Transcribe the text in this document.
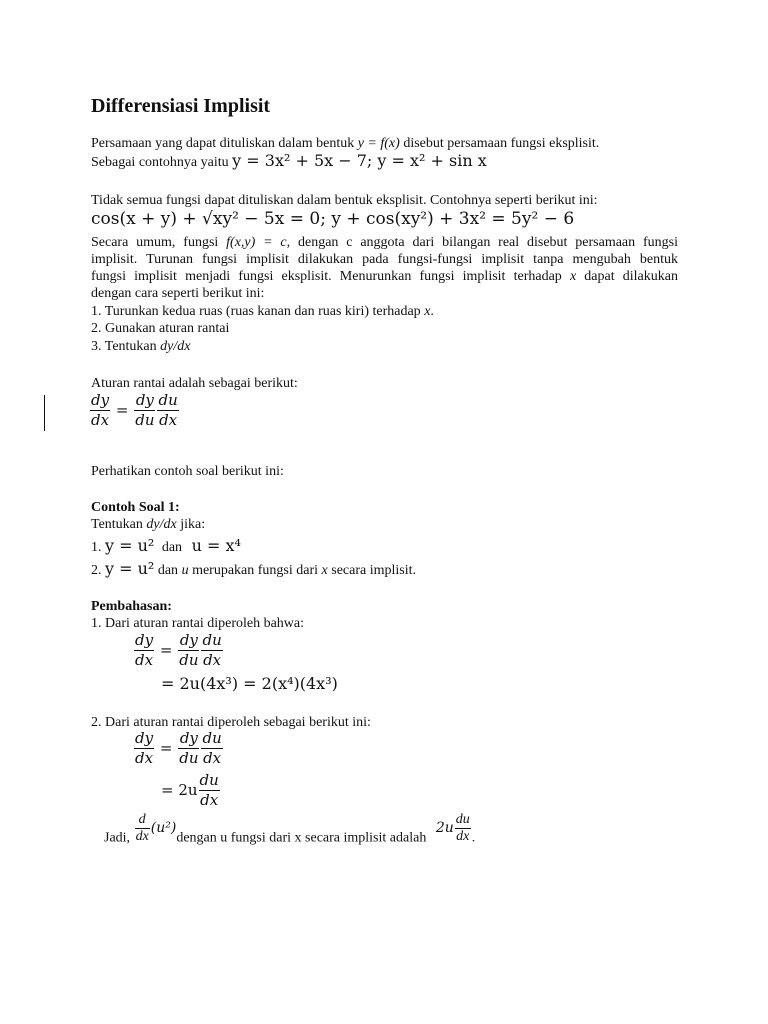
Differensiasi Implisit
Persamaan yang dapat dituliskan dalam bentuk y = f(x) disebut persamaan fungsi eksplisit.
Sebagai contohnya yaitu y = 3x² + 5x − 7; y = x² + sin x
Tidak semua fungsi dapat dituliskan dalam bentuk eksplisit. Contohnya seperti berikut ini:
cos(x + y) + √xy² − 5x = 0; y + cos(xy²) + 3x² = 5y² − 6
Secara umum, fungsi f(x,y) = c, dengan c anggota dari bilangan real disebut persamaan fungsi
implisit. Turunan fungsi implisit dilakukan pada fungsi-fungsi implisit tanpa mengubah bentuk
fungsi implisit menjadi fungsi eksplisit. Menurunkan fungsi implisit terhadap x dapat dilakukan
dengan cara seperti berikut ini:
1. Turunkan kedua ruas (ruas kanan dan ruas kiri) terhadap x.
2. Gunakan aturan rantai
3. Tentukan dy/dx
Aturan rantai adalah sebagai berikut:
$\frac{dy}{dx} = \frac{dy}{du} \frac{du}{dx}$
Perhatikan contoh soal berikut ini:
Contoh Soal 1:
Tentukan dy/dx jika:
1. y = u² dan u = x⁴
2. y = u² dan u merupakan fungsi dari x secara implisit.
Pembahasan:
1. Dari aturan rantai diperoleh bahwa:
$\frac{dy}{dx} = \frac{dy}{du} \frac{du}{dx}$
= 2u(4x³) = 2(x⁴)(4x³)
2. Dari aturan rantai diperoleh sebagai berikut ini:
$\frac{dy}{dx} = \frac{dy}{du} \frac{du}{dx}$
= $2u \frac{du}{dx}$
Jadi, $\frac{d}{dx}$ (u²)dengan u fungsi dari x secara implisit adalah $2u \frac{du}{dx}$ .
